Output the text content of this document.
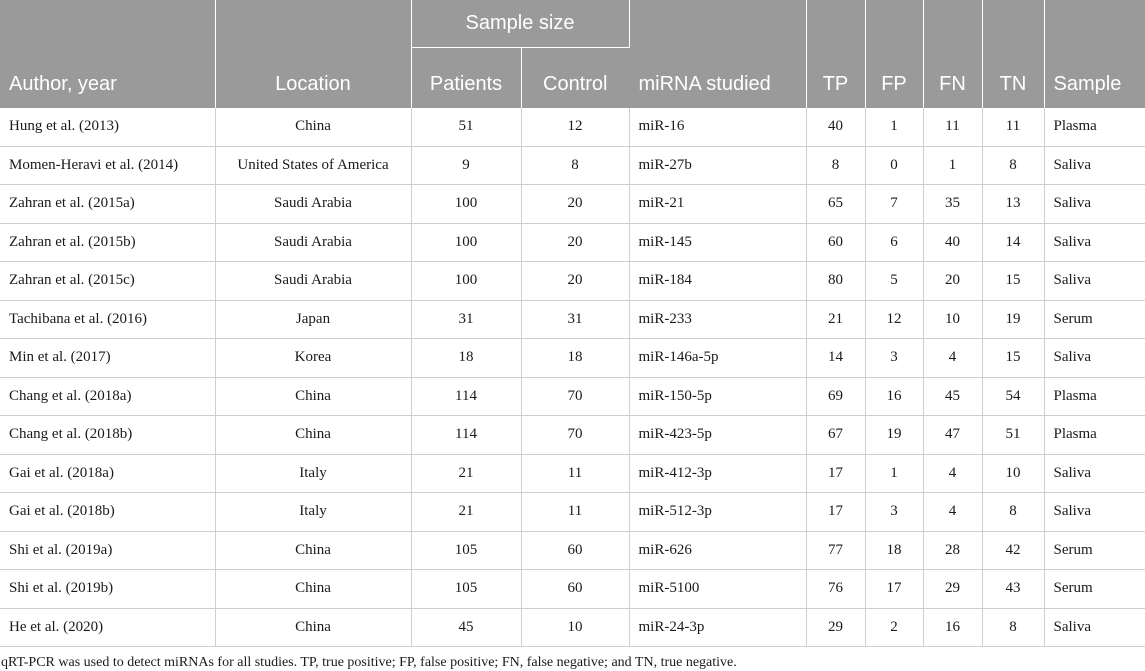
Author, year	Location	Sample size		miRNA studied	TP	FP	FN	TN	Sample
		Patients	Control						
Hung et al. (2013)	China	51	12	miR-16	40	1	11	11	Plasma
Momen-Heravi et al. (2014)	United States of America	9	8	miR-27b	8	0	1	8	Saliva
Zahran et al. (2015a)	Saudi Arabia	100	20	miR-21	65	7	35	13	Saliva
Zahran et al. (2015b)	Saudi Arabia	100	20	miR-145	60	6	40	14	Saliva
Zahran et al. (2015c)	Saudi Arabia	100	20	miR-184	80	5	20	15	Saliva
Tachibana et al. (2016)	Japan	31	31	miR-233	21	12	10	19	Serum
Min et al. (2017)	Korea	18	18	miR-146a-5p	14	3	4	15	Saliva
Chang et al. (2018a)	China	114	70	miR-150-5p	69	16	45	54	Plasma
Chang et al. (2018b)	China	114	70	miR-423-5p	67	19	47	51	Plasma
Gai et al. (2018a)	Italy	21	11	miR-412-3p	17	1	4	10	Saliva
Gai et al. (2018b)	Italy	21	11	miR-512-3p	17	3	4	8	Saliva
Shi et al. (2019a)	China	105	60	miR-626	77	18	28	42	Serum
Shi et al. (2019b)	China	105	60	miR-5100	76	17	29	43	Serum
He et al. (2020)	China	45	10	miR-24-3p	29	2	16	8	Saliva
qRT-PCR was used to detect miRNAs for all studies. TP, true positive; FP, false positive; FN, false negative; and TN, true negative.
